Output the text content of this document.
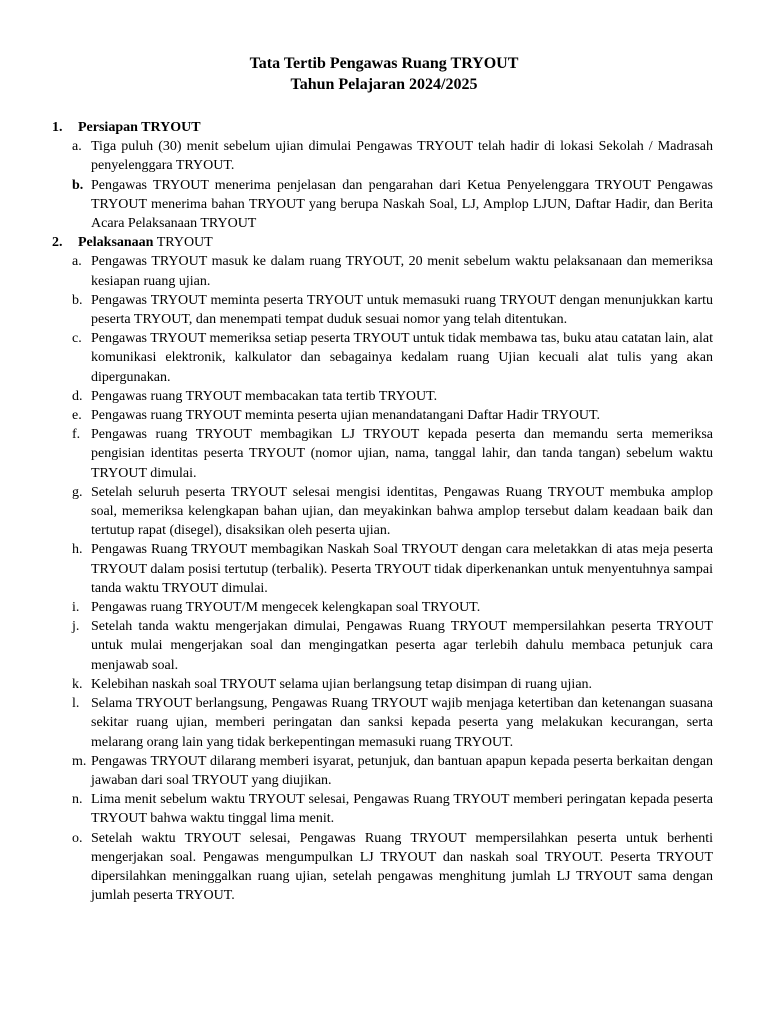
Tata Tertib Pengawas Ruang TRYOUT
Tahun Pelajaran 2024/2025
1.	Persiapan TRYOUT
a. Tiga puluh (30) menit sebelum ujian dimulai Pengawas TRYOUT telah hadir di lokasi Sekolah / Madrasah penyelenggara TRYOUT.
b. Pengawas TRYOUT menerima penjelasan dan pengarahan dari Ketua Penyelenggara TRYOUT Pengawas TRYOUT menerima bahan TRYOUT yang berupa Naskah Soal, LJ, Amplop LJUN, Daftar Hadir, dan Berita Acara Pelaksanaan TRYOUT
2.	Pelaksanaan TRYOUT
a. Pengawas TRYOUT masuk ke dalam ruang TRYOUT, 20 menit sebelum waktu pelaksanaan dan memeriksa kesiapan ruang ujian.
b. Pengawas TRYOUT meminta peserta TRYOUT untuk memasuki ruang TRYOUT dengan menunjukkan kartu peserta TRYOUT, dan menempati tempat duduk sesuai nomor yang telah ditentukan.
c. Pengawas TRYOUT memeriksa setiap peserta TRYOUT untuk tidak membawa tas, buku atau catatan lain, alat komunikasi elektronik, kalkulator dan sebagainya kedalam ruang Ujian kecuali alat tulis yang akan dipergunakan.
d. Pengawas ruang TRYOUT membacakan tata tertib TRYOUT.
e. Pengawas ruang TRYOUT meminta peserta ujian menandatangani Daftar Hadir TRYOUT.
f. Pengawas ruang TRYOUT membagikan LJ TRYOUT kepada peserta dan memandu serta memeriksa pengisian identitas peserta TRYOUT (nomor ujian, nama, tanggal lahir, dan tanda tangan) sebelum waktu TRYOUT dimulai.
g. Setelah seluruh peserta TRYOUT selesai mengisi identitas, Pengawas Ruang TRYOUT membuka amplop soal, memeriksa kelengkapan bahan ujian, dan meyakinkan bahwa amplop tersebut dalam keadaan baik dan tertutup rapat (disegel), disaksikan oleh peserta ujian.
h. Pengawas Ruang TRYOUT membagikan Naskah Soal TRYOUT dengan cara meletakkan di atas meja peserta TRYOUT dalam posisi tertutup (terbalik). Peserta TRYOUT tidak diperkenankan untuk menyentuhnya sampai tanda waktu TRYOUT dimulai.
i. Pengawas ruang TRYOUT/M mengecek kelengkapan soal TRYOUT.
j. Setelah tanda waktu mengerjakan dimulai, Pengawas Ruang TRYOUT mempersilahkan peserta TRYOUT untuk mulai mengerjakan soal dan mengingatkan peserta agar terlebih dahulu membaca petunjuk cara menjawab soal.
k. Kelebihan naskah soal TRYOUT selama ujian berlangsung tetap disimpan di ruang ujian.
l. Selama TRYOUT berlangsung, Pengawas Ruang TRYOUT wajib menjaga ketertiban dan ketenangan suasana sekitar ruang ujian, memberi peringatan dan sanksi kepada peserta yang melakukan kecurangan, serta melarang orang lain yang tidak berkepentingan memasuki ruang TRYOUT.
m. Pengawas TRYOUT dilarang memberi isyarat, petunjuk, dan bantuan apapun kepada peserta berkaitan dengan jawaban dari soal TRYOUT yang diujikan.
n. Lima menit sebelum waktu TRYOUT selesai, Pengawas Ruang TRYOUT memberi peringatan kepada peserta TRYOUT bahwa waktu tinggal lima menit.
o. Setelah waktu TRYOUT selesai, Pengawas Ruang TRYOUT mempersilahkan peserta untuk berhenti mengerjakan soal. Pengawas mengumpulkan LJ TRYOUT dan naskah soal TRYOUT. Peserta TRYOUT dipersilahkan meninggalkan ruang ujian, setelah pengawas menghitung jumlah LJ TRYOUT sama dengan jumlah peserta TRYOUT.
